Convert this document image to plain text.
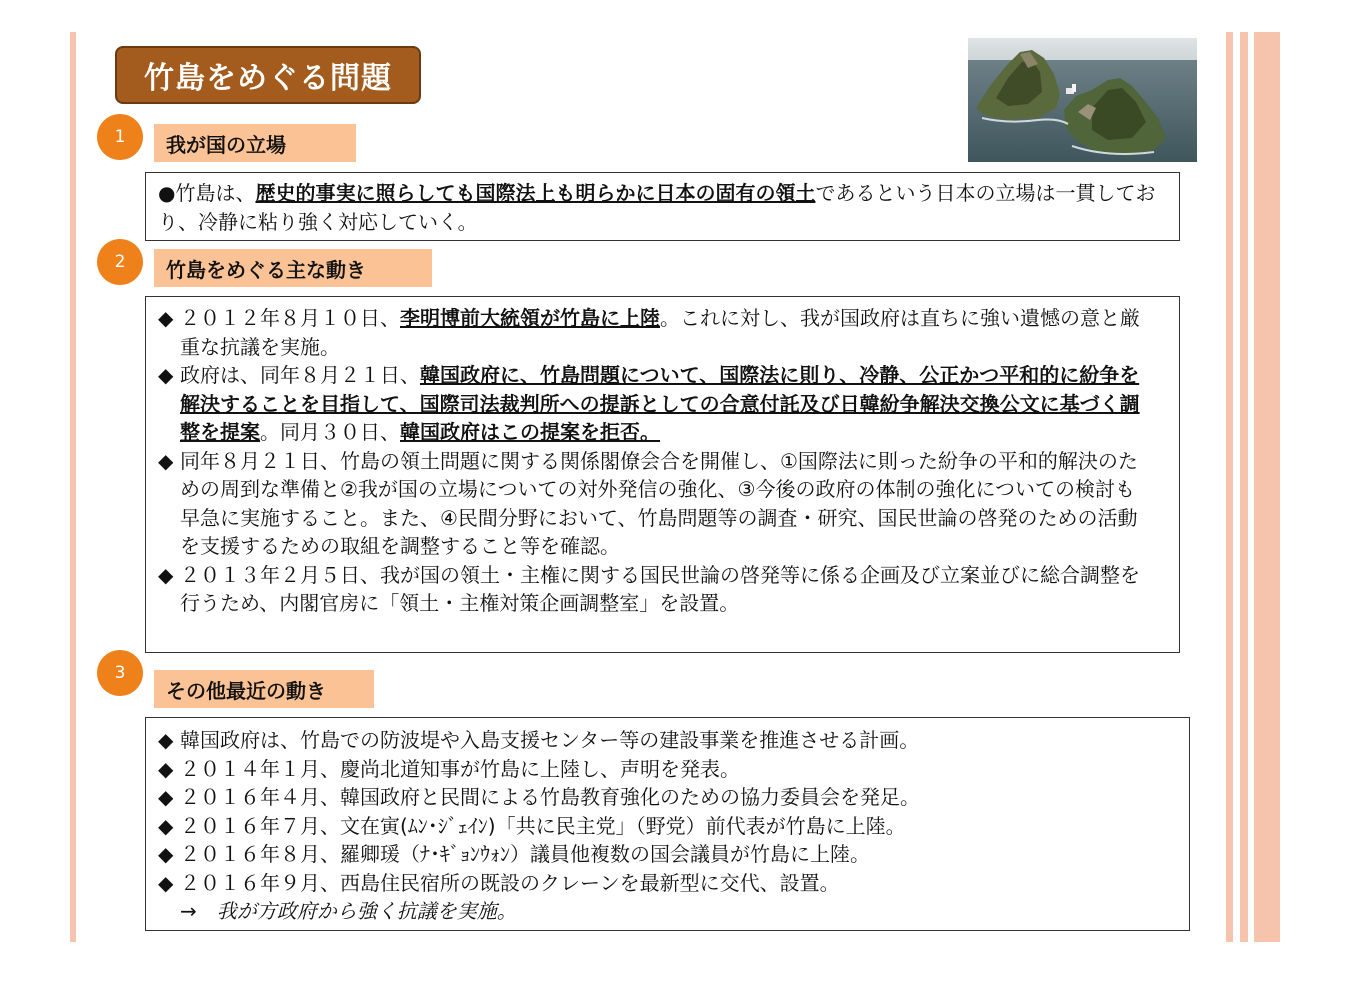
竹島をめぐる問題
1	我が国の立場
●竹島は、歴史的事実に照らしても国際法上も明らかに日本の固有の領土であるという日本の立場は一貫しており、冷静に粘り強く対応していく。
2	竹島をめぐる主な動き
◆ ２０１２年８月１０日、李明博前大統領が竹島に上陸。これに対し、我が国政府は直ちに強い遺憾の意と厳重な抗議を実施。
◆ 政府は、同年８月２１日、韓国政府に、竹島問題について、国際法に則り、冷静、公正かつ平和的に紛争を解決することを目指して、国際司法裁判所への提訴としての合意付託及び日韓紛争解決交換公文に基づく調整を提案。同月３０日、韓国政府はこの提案を拒否。
◆ 同年８月２１日、竹島の領土問題に関する関係閣僚会合を開催し、①国際法に則った紛争の平和的解決のための周到な準備と②我が国の立場についての対外発信の強化、③今後の政府の体制の強化についての検討も早急に実施すること。また、④民間分野において、竹島問題等の調査・研究、国民世論の啓発のための活動を支援するための取組を調整すること等を確認。
◆ ２０１３年２月５日、我が国の領土・主権に関する国民世論の啓発等に係る企画及び立案並びに総合調整を行うため、内閣官房に「領土・主権対策企画調整室」を設置。
3
その他最近の動き
◆ 韓国政府は、竹島での防波堤や入島支援センター等の建設事業を推進させる計画。
◆ ２０１４年１月、慶尚北道知事が竹島に上陸し、声明を発表。
◆ ２０１６年４月、韓国政府と民間による竹島教育強化のための協力委員会を発足。
◆ ２０１６年７月、文在寅(ﾑﾝ･ｼﾞｪｲﾝ)「共に民主党」（野党）前代表が竹島に上陸。
◆ ２０１６年８月、羅卿瑗（ﾅ･ｷﾞｮﾝｳｫﾝ）議員他複数の国会議員が竹島に上陸。
◆ ２０１６年９月、西島住民宿所の既設のクレーンを最新型に交代、設置。
→　 我が方政府から強く抗議を実施。
